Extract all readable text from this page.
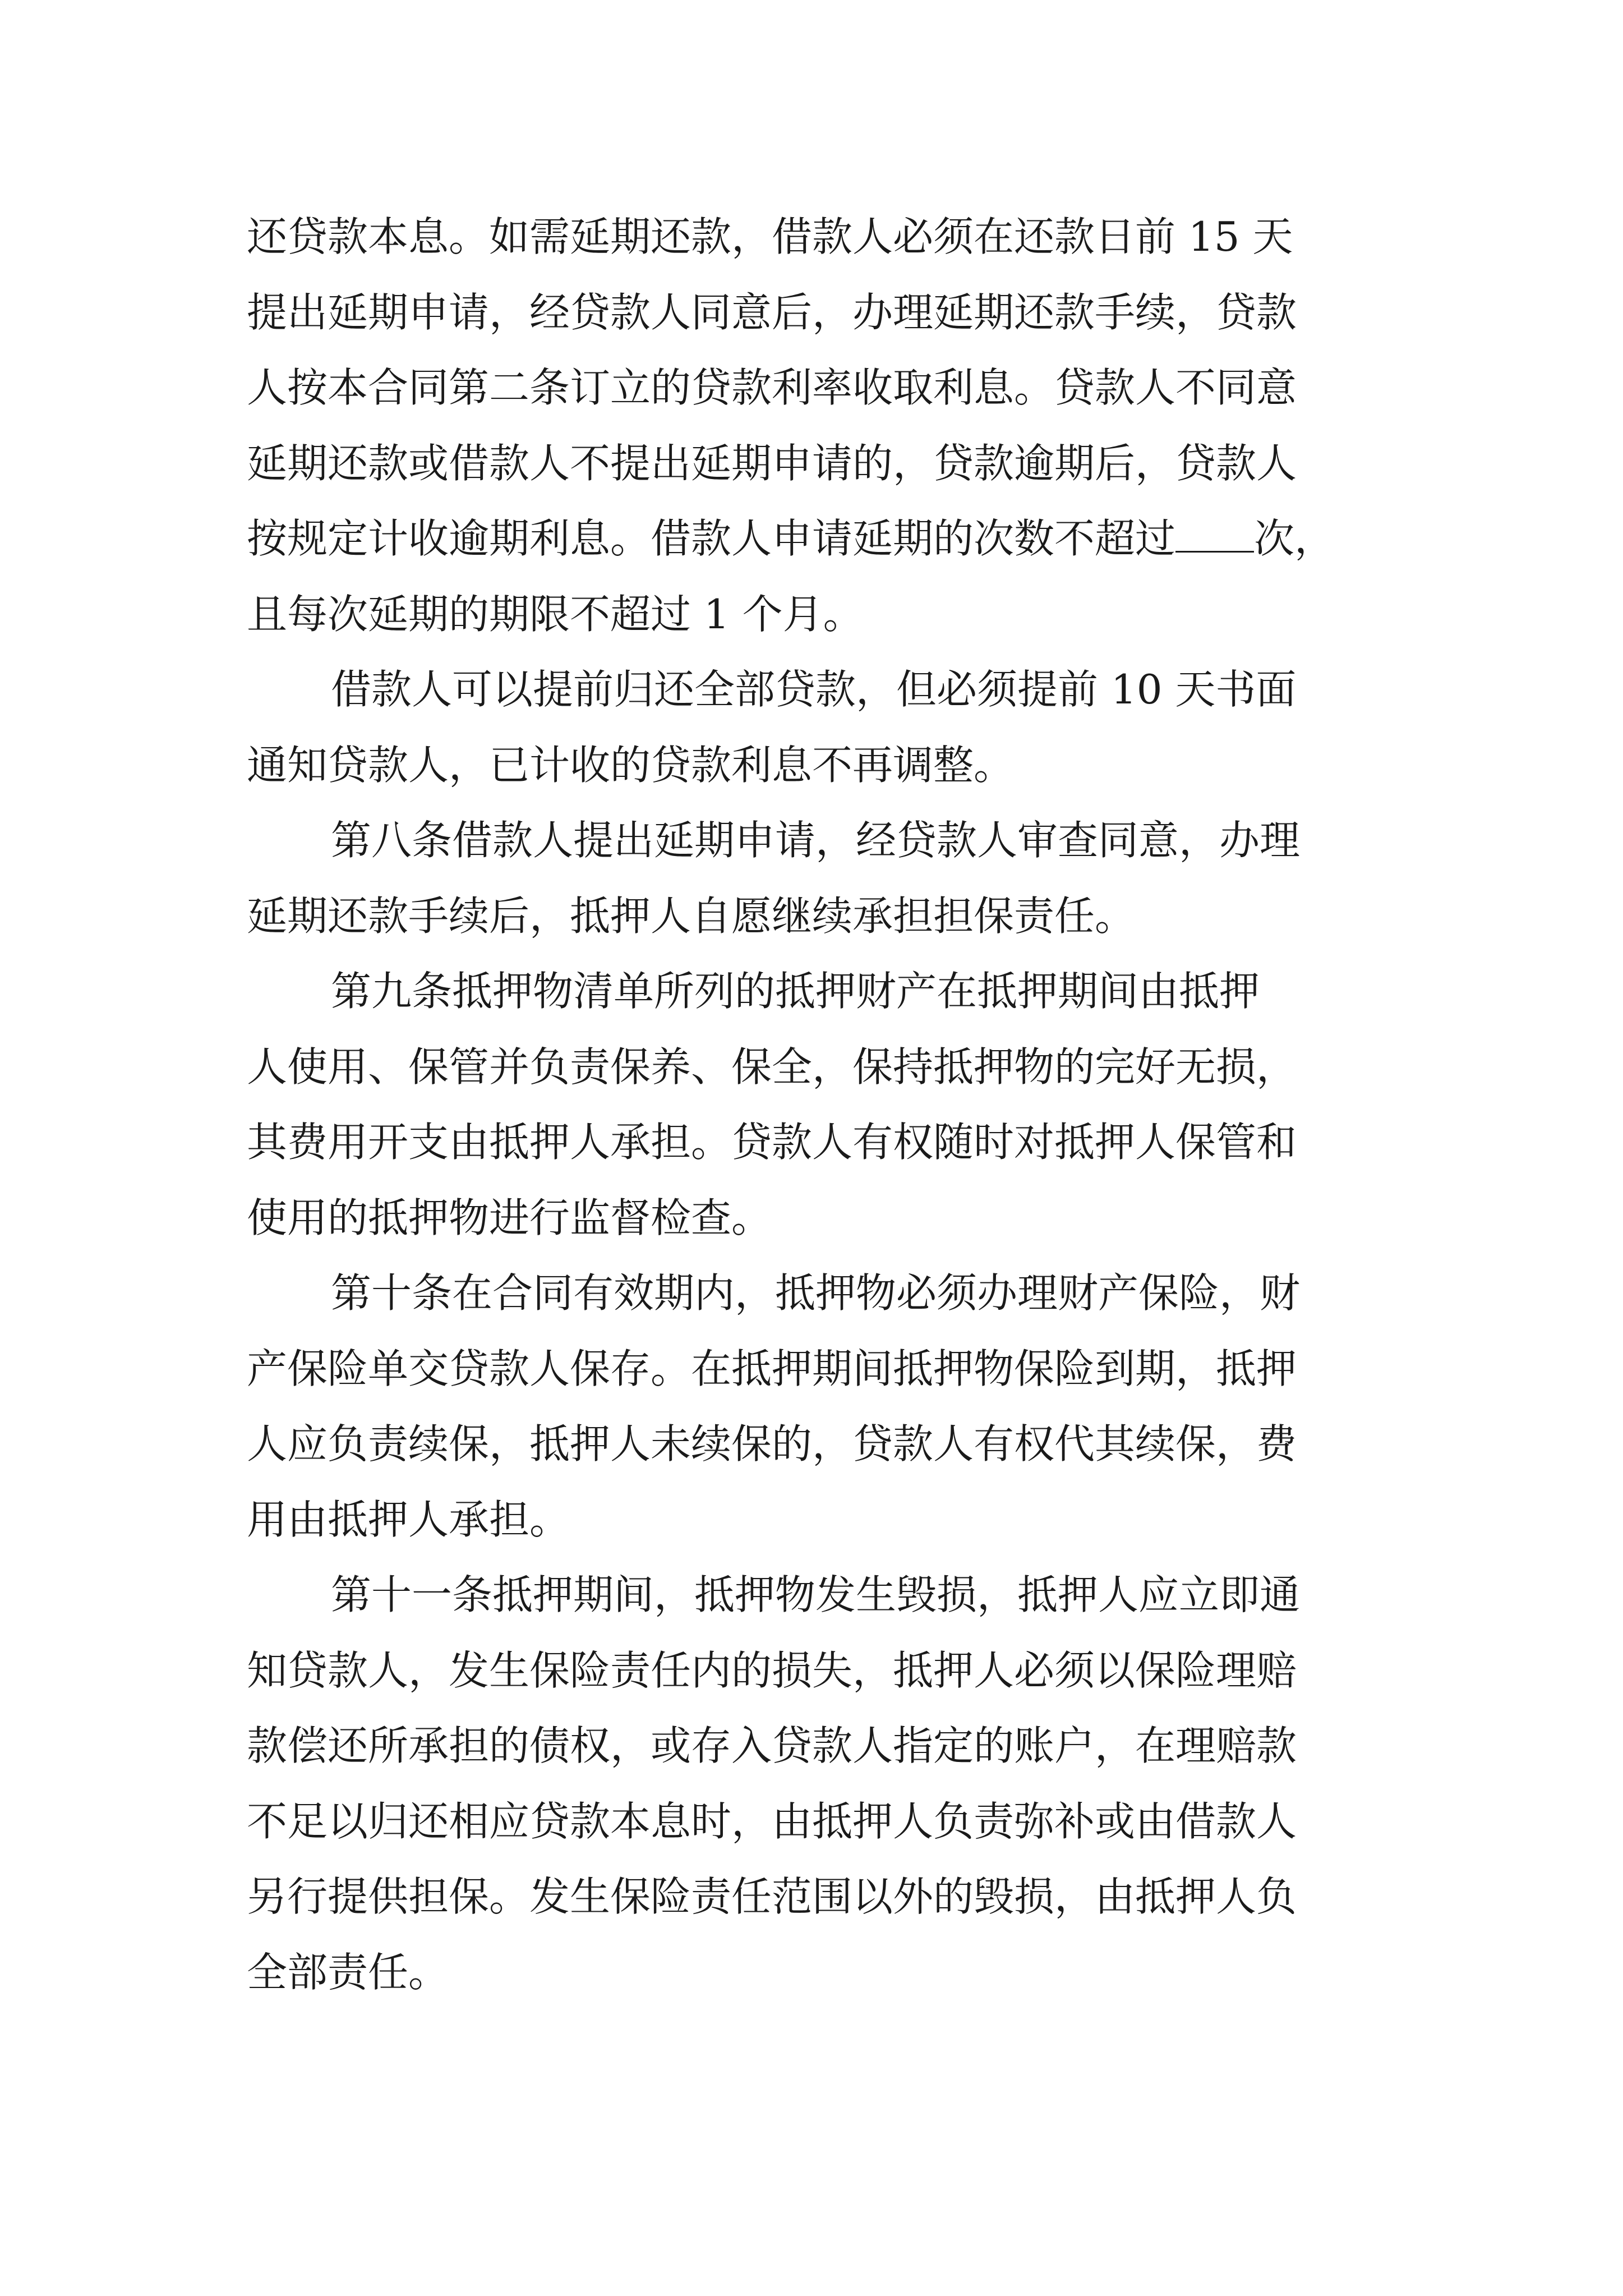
还贷款本息。如需延期还款，借款人必须在还款日前 15 天

提出延期申请，经贷款人同意后，办理延期还款手续，贷款

人按本合同第二条订立的贷款利率收取利息。贷款人不同意

延期还款或借款人不提出延期申请的，贷款逾期后，贷款人

按规定计收逾期利息。借款人申请延期的次数不超过 次，

且每次延期的期限不超过 1 个月。

借款人可以提前归还全部贷款，但必须提前 10 天书面

通知贷款人，已计收的贷款利息不再调整。

第八条借款人提出延期申请，经贷款人审查同意，办理

延期还款手续后，抵押人自愿继续承担担保责任。

第九条抵押物清单所列的抵押财产在抵押期间由抵押

人使用、保管并负责保养、保全，保持抵押物的完好无损，

其费用开支由抵押人承担。贷款人有权随时对抵押人保管和

使用的抵押物进行监督检查。

第十条在合同有效期内，抵押物必须办理财产保险，财

产保险单交贷款人保存。在抵押期间抵押物保险到期，抵押

人应负责续保，抵押人未续保的，贷款人有权代其续保，费

用由抵押人承担。

第十一条抵押期间，抵押物发生毁损，抵押人应立即通

知贷款人，发生保险责任内的损失，抵押人必须以保险理赔

款偿还所承担的债权，或存入贷款人指定的账户，在理赔款

不足以归还相应贷款本息时，由抵押人负责弥补或由借款人

另行提供担保。发生保险责任范围以外的毁损，由抵押人负

全部责任。
